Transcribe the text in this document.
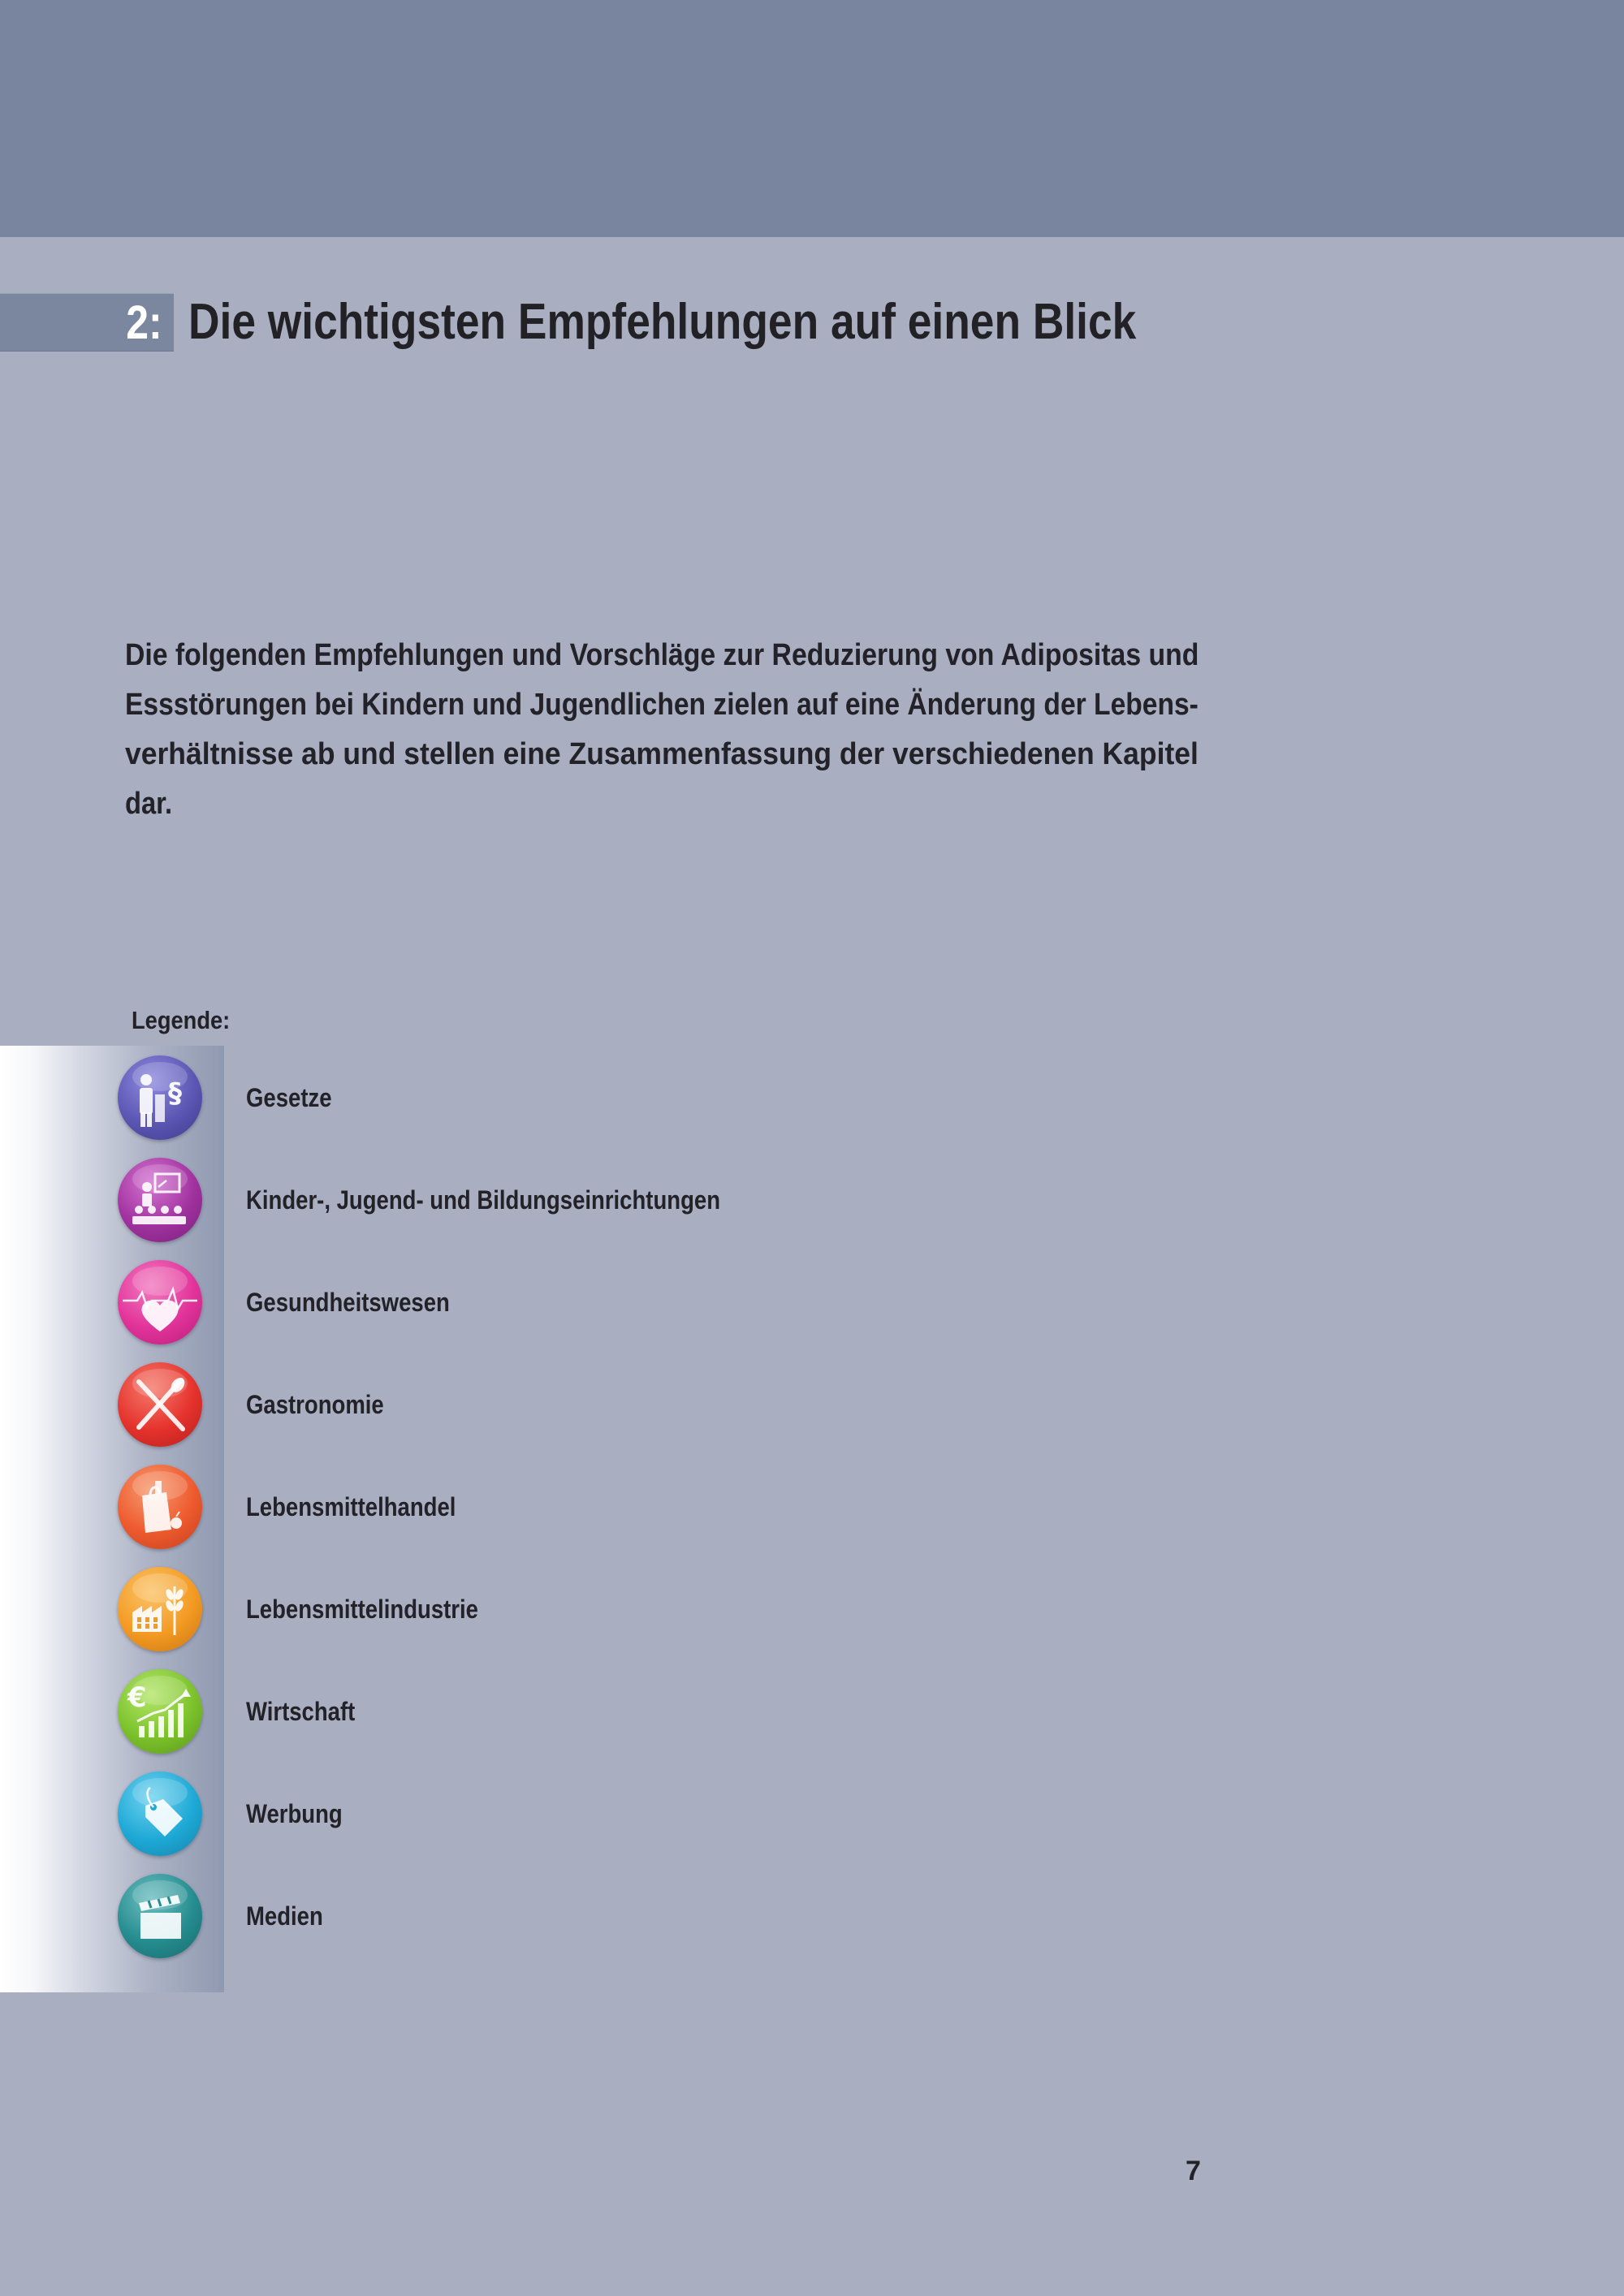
2: Die wichtigsten Empfehlungen auf einen Blick
Die folgenden Empfehlungen und Vorschläge zur Reduzierung von Adipositas und
Essstörungen bei Kindern und Jugendlichen zielen auf eine Änderung der Lebens-
verhältnisse ab und stellen eine Zusammenfassung der verschiedenen Kapitel
dar.
Legende:
§ Gesetze
Kinder-, Jugend- und Bildungseinrichtungen
Gesundheitswesen
Gastronomie
Lebensmittelhandel
Lebensmittelindustrie
€	Wirtschaft
Werbung
Medien
7
